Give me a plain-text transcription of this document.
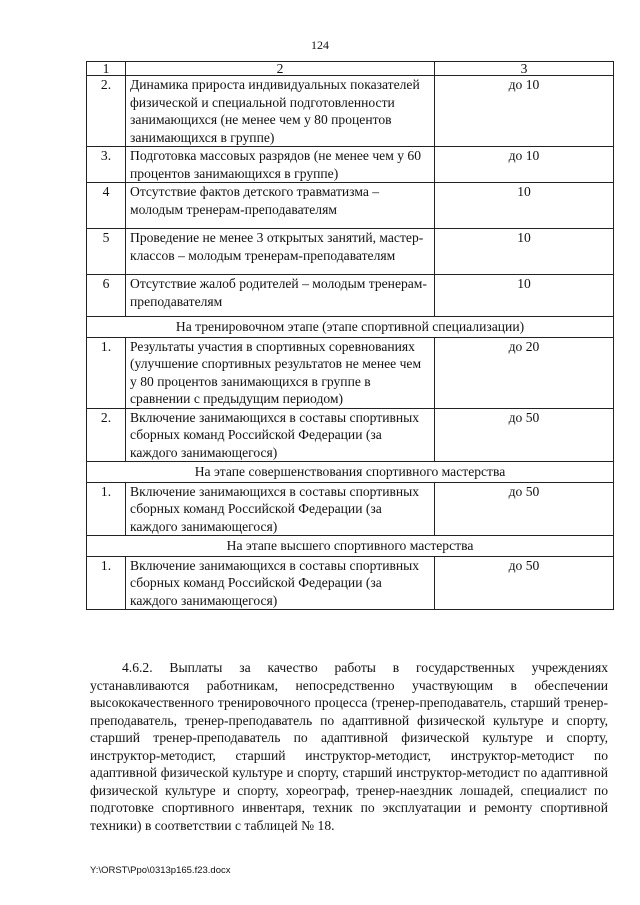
124
1	2	3
2.	Динамика прироста индивидуальных показателей физической и специальной подготовленности занимающихся (не менее чем у 80 процентов занимающихся в группе)	до 10
3.	Подготовка массовых разрядов (не менее чем у 60 процентов занимающихся в группе)	до 10
4	Отсутствие фактов детского травматизма – молодым тренерам-преподавателям	10
5	Проведение не менее 3 открытых занятий, мастер-классов – молодым тренерам-преподавателям	10
6	Отсутствие жалоб родителей – молодым тренерам-преподавателям	10
На тренировочном этапе (этапе спортивной специализации)		
1.	Результаты участия в спортивных соревнованиях (улучшение спортивных результатов не менее чем у 80 процентов занимающихся в группе в сравнении с предыдущим периодом)	до 20
2.	Включение занимающихся в составы спортивных сборных команд Российской Федерации (за каждого занимающегося)	до 50
На этапе совершенствования спортивного мастерства		
1.	Включение занимающихся в составы спортивных сборных команд Российской Федерации (за каждого занимающегося)	до 50
На этапе высшего спортивного мастерства		
1.	Включение занимающихся в составы спортивных сборных команд Российской Федерации (за каждого занимающегося)	до 50
4.6.2. Выплаты за качество работы в государственных учреждениях устанавливаются работникам, непосредственно участвующим в обеспечении высококачественного тренировочного процесса (тренер-преподаватель, старший тренер-преподаватель, тренер-преподаватель по адаптивной физической культуре и спорту, старший тренер-преподаватель по адаптивной физической культуре и спорту, инструктор-методист, старший инструктор-методист, инструктор-методист по адаптивной физической культуре и спорту, старший инструктор-методист по адаптивной физической культуре и спорту, хореограф, тренер-наездник лошадей, специалист по подготовке спортивного инвентаря, техник по эксплуатации и ремонту спортивной техники) в соответствии с таблицей № 18.
Y:\ORST\Ppo\0313p165.f23.docx
